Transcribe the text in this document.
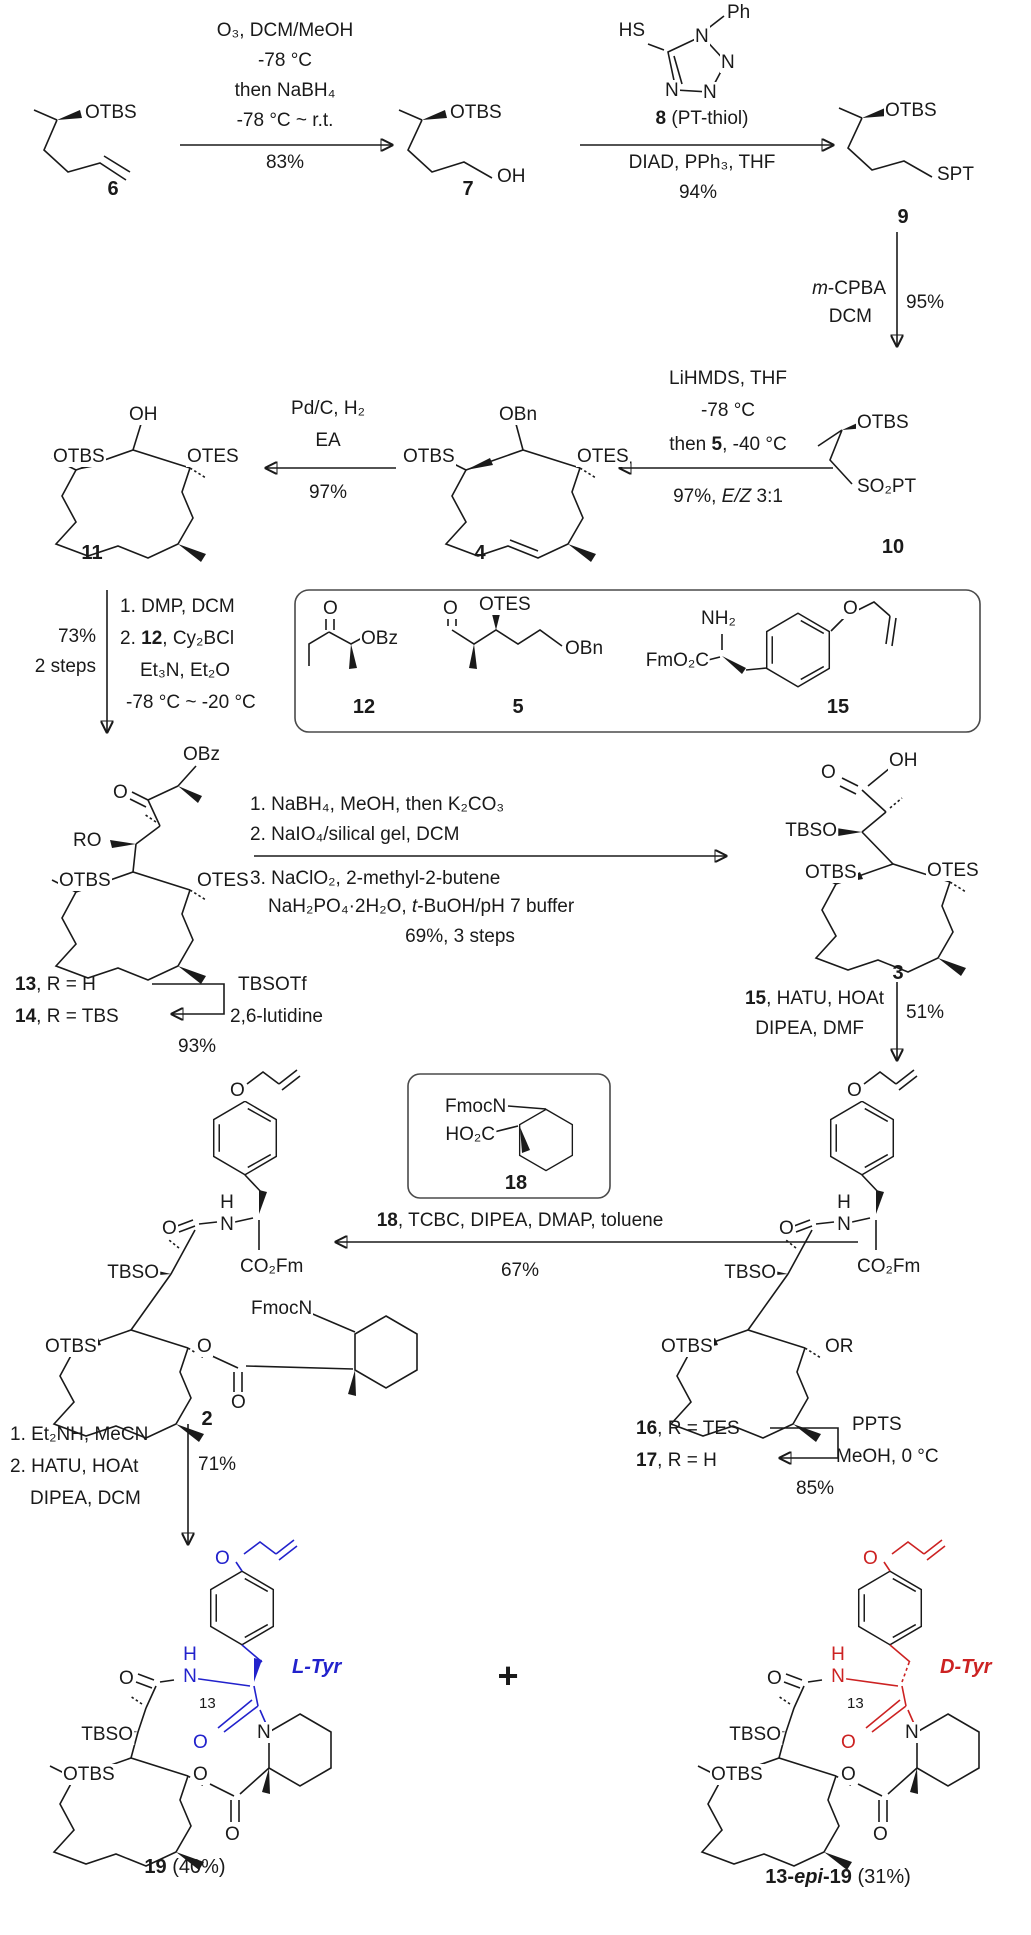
OTBS
6
O₃, DCM/MeOH
-78 °C
then NaBH₄
-78 °C ~ r.t.
83%
OTBS
OH
7
HS
Ph
N
N
N
N
8 (PT-thiol)
DIAD, PPh₃, THF
94%
OTBS
SPT
9
m-CPBA
DCM
95%
OH
OTBS	OTES
11
Pd/C, H₂
EA
97%
OBn
OTBS	OTES
4
LiHMDS, THF
-78 °C
then 5, -40 °C
97%, E/Z 3:1
OTBS
SO₂PT
10
73%
2 steps
1. DMP, DCM
2. 12, Cy₂BCl
Et₃N, Et₂O
-78 °C ~ -20 °C
O
OBz
12
O OTES
OBn
5
FmO₂C
NH₂	O
15
OBz
O
RO
OTBS	OTES
13, R = H
14, R = TBS
TBSOTf
2,6-lutidine
93%
1. NaBH₄, MeOH, then K₂CO₃
2. NaIO₄/silical gel, DCM
3. NaClO₂, 2-methyl-2-butene
NaH₂PO₄·2H₂O, t-BuOH/pH 7 buffer
69%, 3 steps
O
OH
TBSO
OTBS	OTES
3
15, HATU, HOAt
DIPEA, DMF
51%
FmocN
HO₂C
18
18, TCBC, DIPEA, DMAP, toluene
67%
O
H
N
O
TBSO	CO₂Fm
FmocN
OTBS	O
O
2
O
H
N
O
TBSO	CO₂Fm
OTBS	OR
16, R = TES
17, R = H
PPTS
MeOH, 0 °C
85%
1. Et₂NH, MeCN
2. HATU, HOAt
DIPEA, DCM
71%
O
H
N
O
13
L-Tyr
O	N
TBSO
OTBS	O
O
19 (40%)
+
O
H
N
O
13
D-Tyr
O	N
TBSO
OTBS	O
O
13-epi-19 (31%)
